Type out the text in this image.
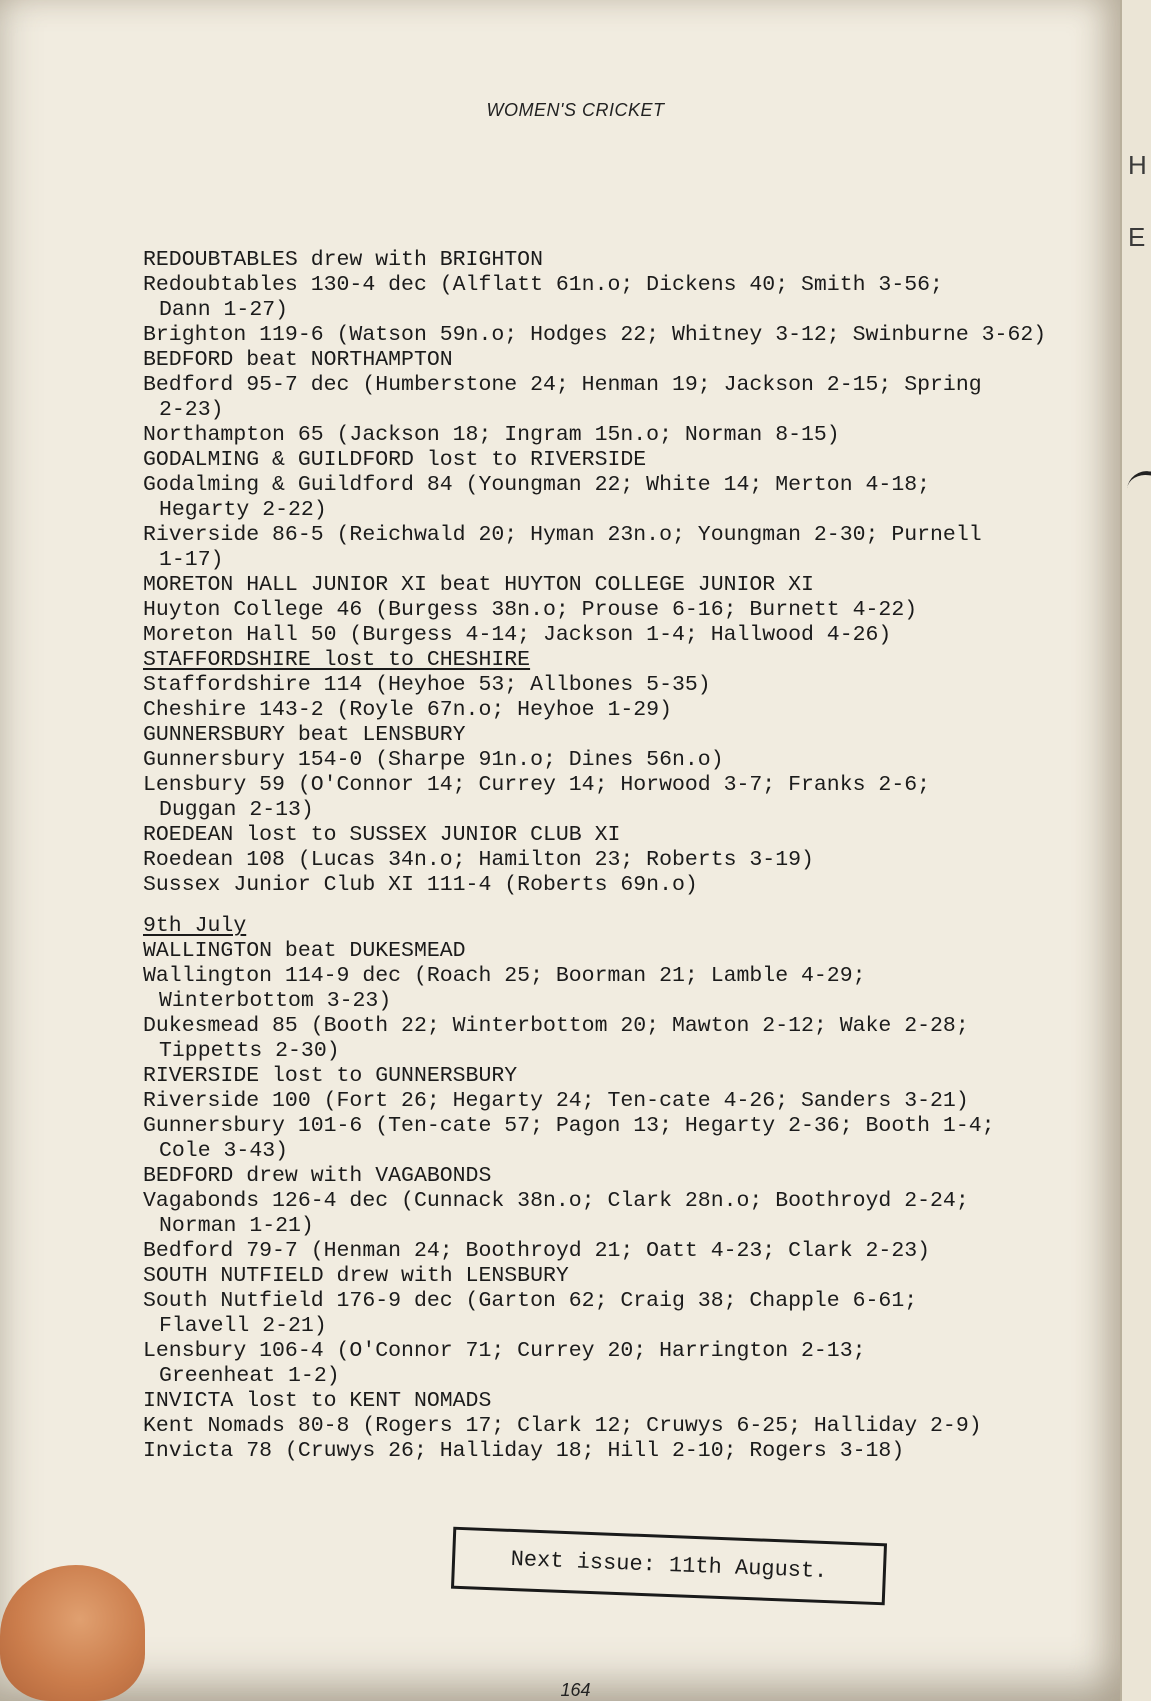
WOMEN'S CRICKET
REDOUBTABLES drew with BRIGHTON
Redoubtables 130-4 dec (Alflatt 61n.o; Dickens 40; Smith 3-56;
Dann 1-27)
Brighton 119-6 (Watson 59n.o; Hodges 22; Whitney 3-12; Swinburne 3-62)
BEDFORD beat NORTHAMPTON
Bedford 95-7 dec (Humberstone 24; Henman 19; Jackson 2-15; Spring
2-23)
Northampton 65 (Jackson 18; Ingram 15n.o; Norman 8-15)
GODALMING & GUILDFORD lost to RIVERSIDE
Godalming & Guildford 84 (Youngman 22; White 14; Merton 4-18;
Hegarty 2-22)
Riverside 86-5 (Reichwald 20; Hyman 23n.o; Youngman 2-30; Purnell
1-17)
MORETON HALL JUNIOR XI beat HUYTON COLLEGE JUNIOR XI
Huyton College 46 (Burgess 38n.o; Prouse 6-16; Burnett 4-22)
Moreton Hall 50 (Burgess 4-14; Jackson 1-4; Hallwood 4-26)
STAFFORDSHIRE lost to CHESHIRE
Staffordshire 114 (Heyhoe 53; Allbones 5-35)
Cheshire 143-2 (Royle 67n.o; Heyhoe 1-29)
GUNNERSBURY beat LENSBURY
Gunnersbury 154-0 (Sharpe 91n.o; Dines 56n.o)
Lensbury 59 (O'Connor 14; Currey 14; Horwood 3-7; Franks 2-6;
Duggan 2-13)
ROEDEAN lost to SUSSEX JUNIOR CLUB XI
Roedean 108 (Lucas 34n.o; Hamilton 23; Roberts 3-19)
Sussex Junior Club XI 111-4 (Roberts 69n.o)
9th July
WALLINGTON beat DUKESMEAD
Wallington 114-9 dec (Roach 25; Boorman 21; Lamble 4-29;
Winterbottom 3-23)
Dukesmead 85 (Booth 22; Winterbottom 20; Mawton 2-12; Wake 2-28;
Tippetts 2-30)
RIVERSIDE lost to GUNNERSBURY
Riverside 100 (Fort 26; Hegarty 24; Ten-cate 4-26; Sanders 3-21)
Gunnersbury 101-6 (Ten-cate 57; Pagon 13; Hegarty 2-36; Booth 1-4;
Cole 3-43)
BEDFORD drew with VAGABONDS
Vagabonds 126-4 dec (Cunnack 38n.o; Clark 28n.o; Boothroyd 2-24;
Norman 1-21)
Bedford 79-7 (Henman 24; Boothroyd 21; Oatt 4-23; Clark 2-23)
SOUTH NUTFIELD drew with LENSBURY
South Nutfield 176-9 dec (Garton 62; Craig 38; Chapple 6-61;
Flavell 2-21)
Lensbury 106-4 (O'Connor 71; Currey 20; Harrington 2-13;
Greenheat 1-2)
INVICTA lost to KENT NOMADS
Kent Nomads 80-8 (Rogers 17; Clark 12; Cruwys 6-25; Halliday 2-9)
Invicta 78 (Cruwys 26; Halliday 18; Hill 2-10; Rogers 3-18)
Next issue: 11th August.
164
H
E
